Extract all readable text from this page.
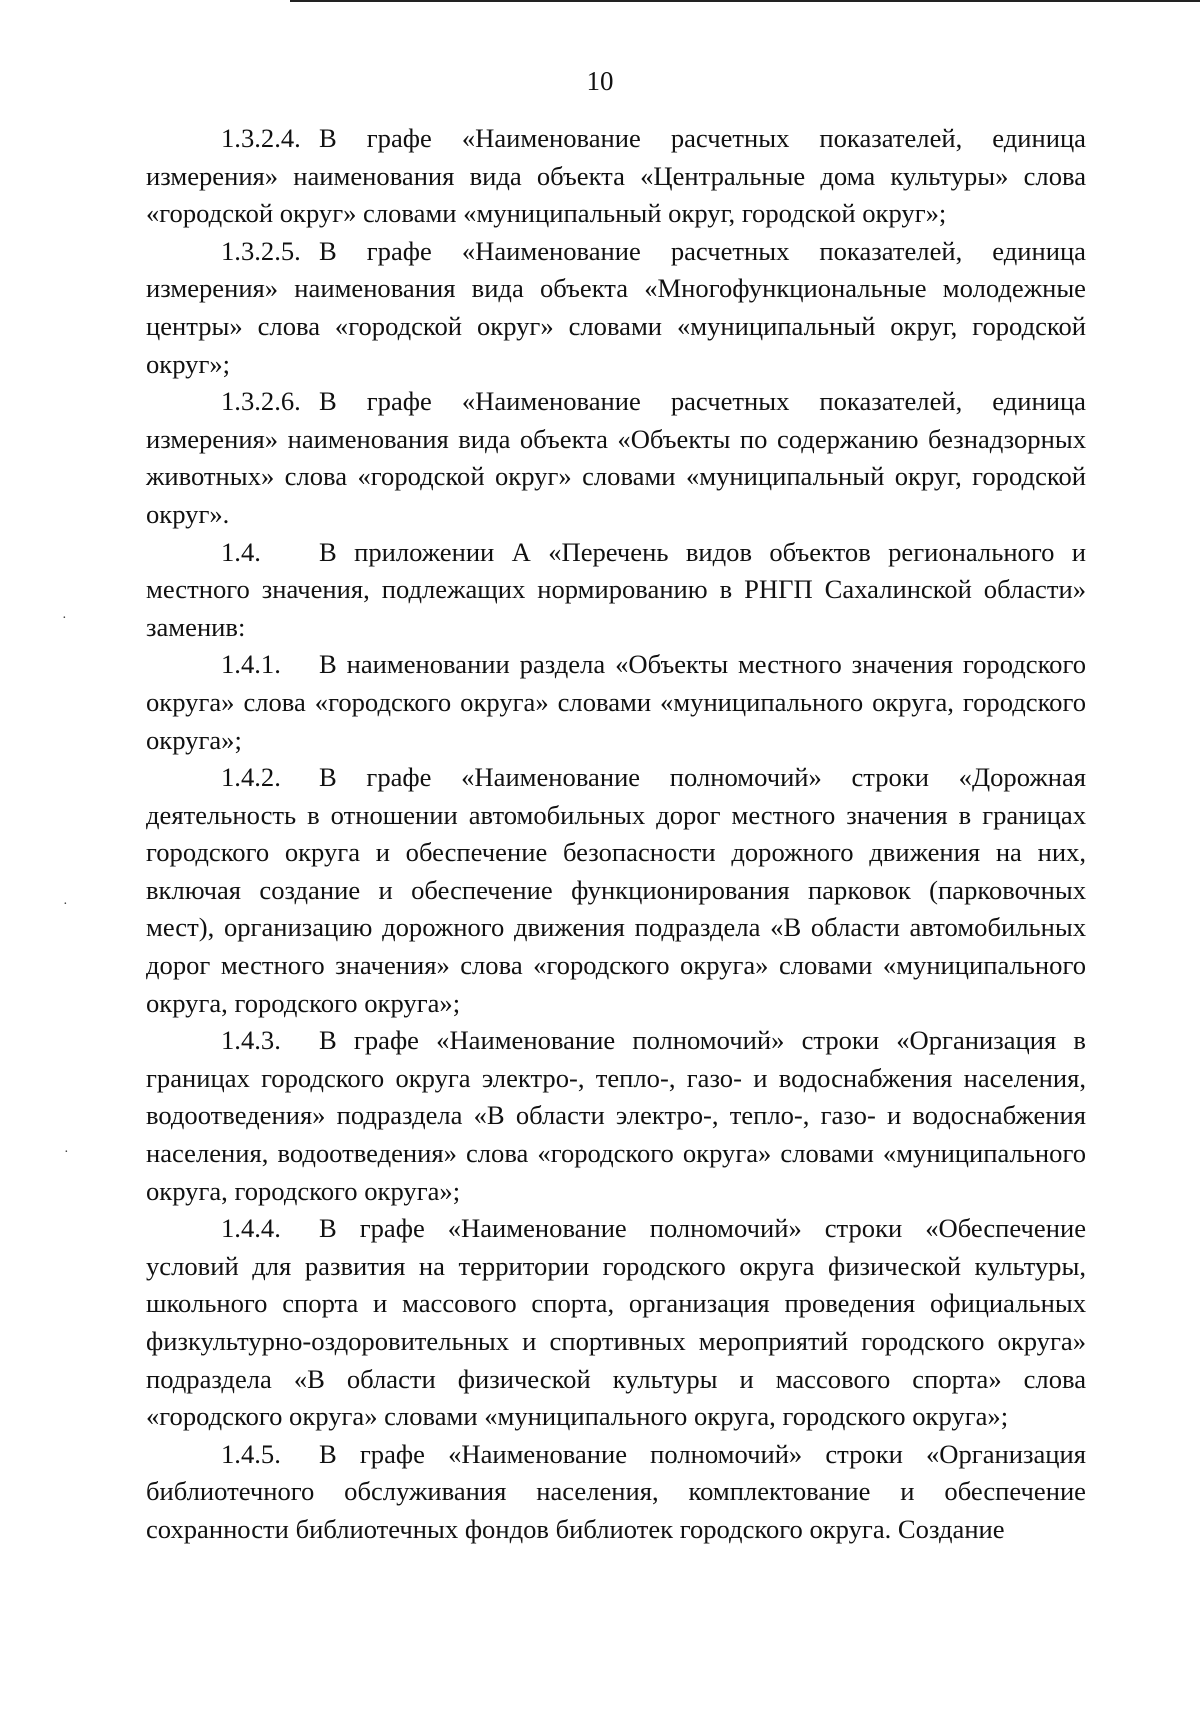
10
·
·
·

1.3.2.4. В графе «Наименование расчетных показателей, единица измерения» наименования вида объекта «Центральные дома культуры» слова «городской округ» словами «муниципальный округ, городской округ»;

1.3.2.5. В графе «Наименование расчетных показателей, единица измерения» наименования вида объекта «Многофункциональные молодежные центры» слова «городской округ» словами «муниципальный округ, городской округ»;

1.3.2.6. В графе «Наименование расчетных показателей, единица измерения» наименования вида объекта «Объекты по содержанию безнадзорных животных» слова «городской округ» словами «муниципальный округ, городской округ».

1.4. В приложении А «Перечень видов объектов регионального и местного значения, подлежащих нормированию в РНГП Сахалинской области» заменив:

1.4.1. В наименовании раздела «Объекты местного значения городского округа» слова «городского округа» словами «муниципального округа, городского округа»;

1.4.2. В графе «Наименование полномочий» строки «Дорожная деятельность в отношении автомобильных дорог местного значения в границах городского округа и обеспечение безопасности дорожного движения на них, включая создание и обеспечение функционирования парковок (парковочных мест), организацию дорожного движения подраздела «В области автомобильных дорог местного значения» слова «городского округа» словами «муниципального округа, городского округа»;

1.4.3. В графе «Наименование полномочий» строки «Организация в границах городского округа электро-, тепло-, газо- и водоснабжения населения, водоотведения» подраздела «В области электро-, тепло-, газо- и водоснабжения населения, водоотведения» слова «городского округа» словами «муниципального округа, городского округа»;

1.4.4. В графе «Наименование полномочий» строки «Обеспечение условий для развития на территории городского округа физической культуры, школьного спорта и массового спорта, организация проведения официальных физкультурно-оздоровительных и спортивных мероприятий городского округа» подраздела «В области физической культуры и массового спорта» слова «городского округа» словами «муниципального округа, городского округа»;

1.4.5. В графе «Наименование полномочий» строки «Организация библиотечного обслуживания населения, комплектование и обеспечение сохранности библиотечных фондов библиотек городского округа. Создание
